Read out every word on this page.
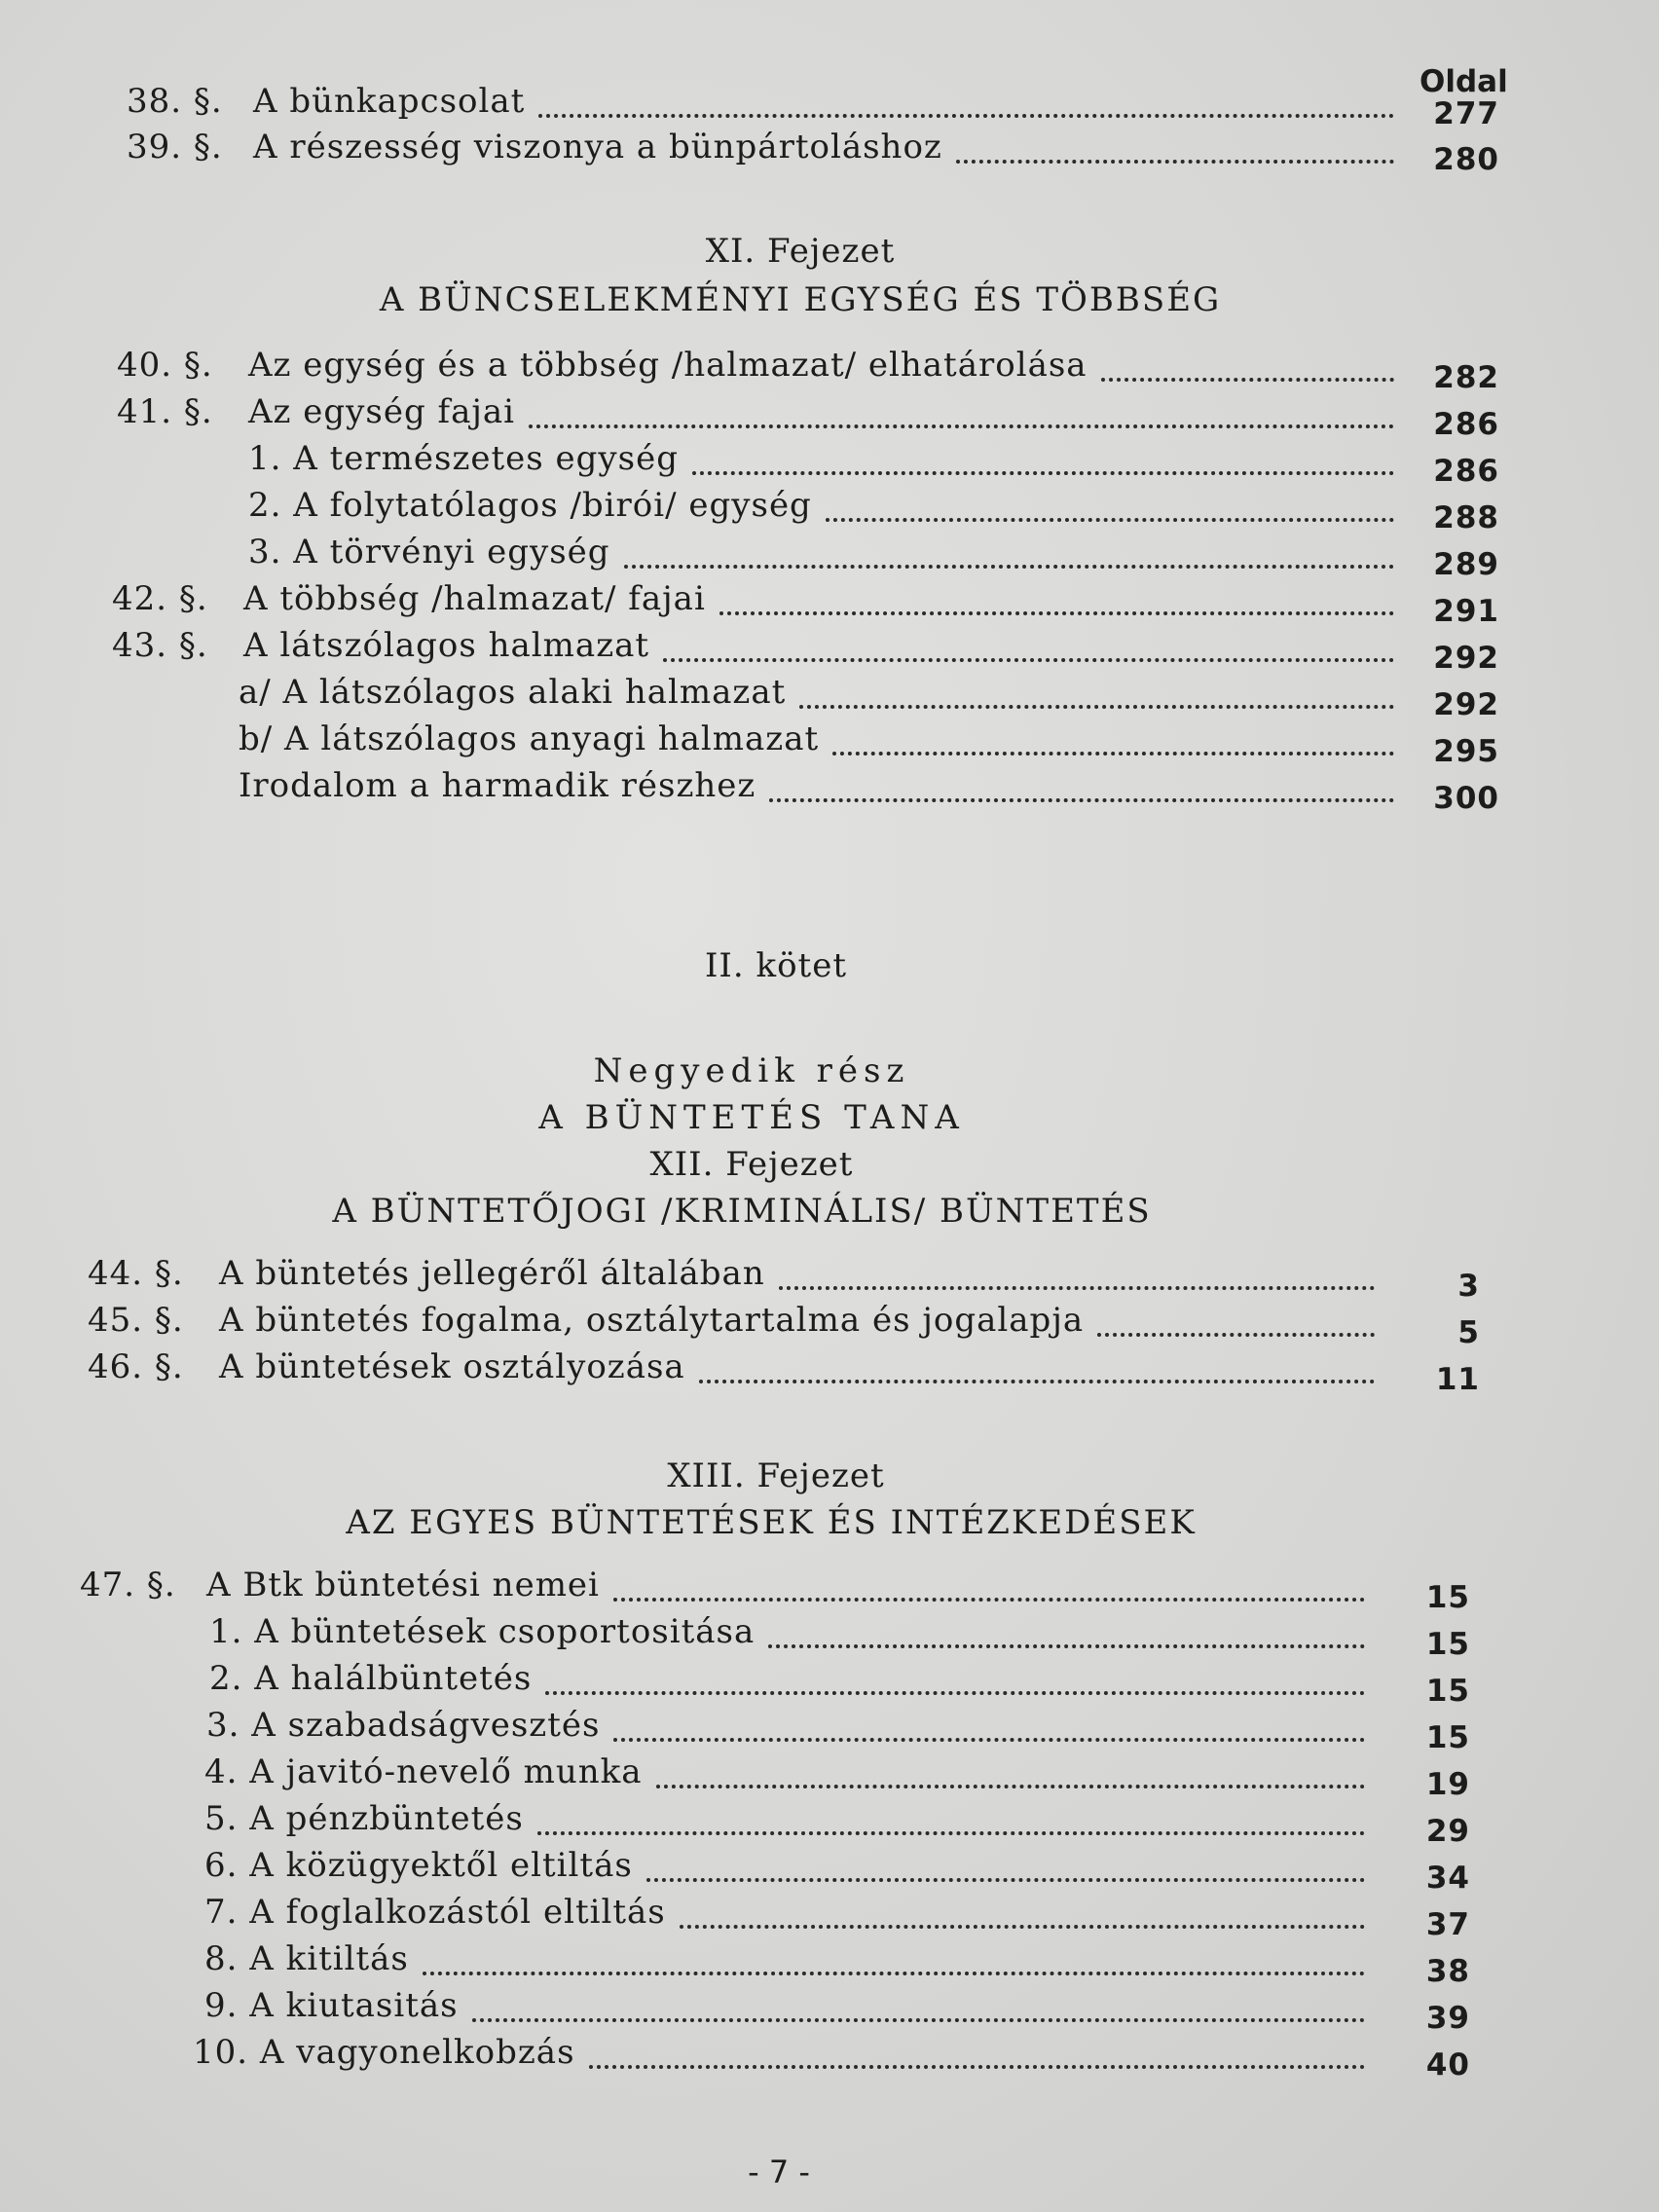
Oldal
38. §. A bünkapcsolat	277
39. §. A részesség viszonya a bünpártoláshoz	280
XI. Fejezet
A BÜNCSELEKMÉNYI EGYSÉG ÉS TÖBBSÉG
40. §.	Az egység és a többség /halmazat/ elhatárolása	282
41. §.	Az egység fajai	286
1. A természetes egység	286
2. A folytatólagos /birói/ egység	288
3. A törvényi egység	289
42. §.	A többség /halmazat/ fajai	291
43. §.	A látszólagos halmazat	292
a/ A látszólagos alaki halmazat	292
b/ A látszólagos anyagi halmazat	295
Irodalom a harmadik részhez	300
II. kötet
Negyedik rész
A BÜNTETÉS TANA
XII. Fejezet
A BÜNTETŐJOGI /KRIMINÁLIS/ BÜNTETÉS
44. §.	A büntetés jellegéről általában	3
45. §.	A büntetés fogalma, osztálytartalma és jogalapja	5
46. §.	A büntetések osztályozása	11
XIII. Fejezet
AZ EGYES BÜNTETÉSEK ÉS INTÉZKEDÉSEK
47. §. A Btk büntetési nemei	15
1. A büntetések csoportositása	15
2. A halálbüntetés	15
3. A szabadságvesztés	15
4. A javitó-nevelő munka	19
5. A pénzbüntetés	29
6. A közügyektől eltiltás	34
7. A foglalkozástól eltiltás	37
8. A kitiltás	38
9. A kiutasitás	39
10. A vagyonelkobzás	40
- 7 -
